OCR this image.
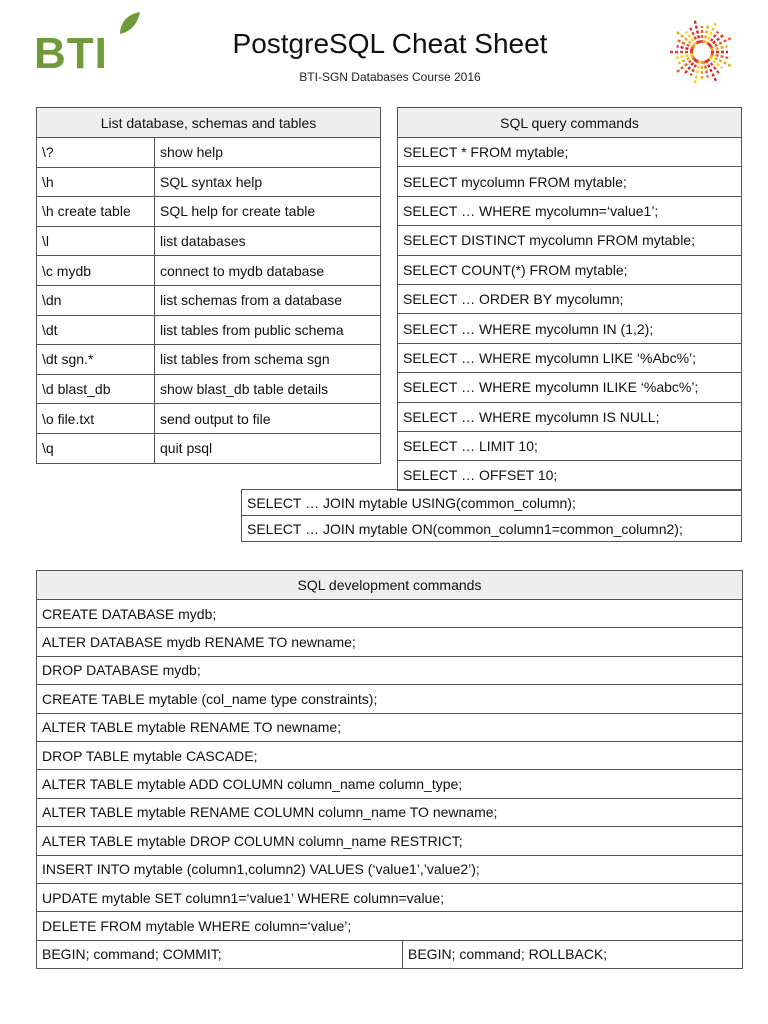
BTI	PostgreSQL Cheat Sheet
BTI-SGN Databases Course 2016
List database, schemas and tables	
\?	show help
\h	SQL syntax help
\h create table	SQL help for create table
\l	list databases
\c mydb	connect to mydb database
\dn	list schemas from a database
\dt	list tables from public schema
\dt sgn.*	list tables from schema sgn
\d blast_db	show blast_db table details
\o file.txt	send output to file
\q	quit psql
SQL query commands
SELECT * FROM mytable;
SELECT mycolumn FROM mytable;
SELECT … WHERE mycolumn=‘value1’;
SELECT DISTINCT mycolumn FROM mytable;
SELECT COUNT(*) FROM mytable;
SELECT … ORDER BY mycolumn;
SELECT … WHERE mycolumn IN (1,2);
SELECT … WHERE mycolumn LIKE ‘%Abc%’;
SELECT … WHERE mycolumn ILIKE ‘%abc%’;
SELECT … WHERE mycolumn IS NULL;
SELECT … LIMIT 10;
SELECT … OFFSET 10;
SELECT … JOIN mytable USING(common_column);
SELECT … JOIN mytable ON(common_column1=common_column2);
SQL development commands
CREATE DATABASE mydb;
ALTER DATABASE mydb RENAME TO newname;
DROP DATABASE mydb;
CREATE TABLE mytable (col_name type constraints);
ALTER TABLE mytable RENAME TO newname;
DROP TABLE mytable CASCADE;
ALTER TABLE mytable ADD COLUMN column_name column_type;
ALTER TABLE mytable RENAME COLUMN column_name TO newname;
ALTER TABLE mytable DROP COLUMN column_name RESTRICT;
INSERT INTO mytable (column1,column2) VALUES (‘value1’,’value2’);
UPDATE mytable SET column1=‘value1’ WHERE column=value;
DELETE FROM mytable WHERE column=‘value’;
BEGIN; command; COMMIT;	BEGIN; command; ROLLBACK;
